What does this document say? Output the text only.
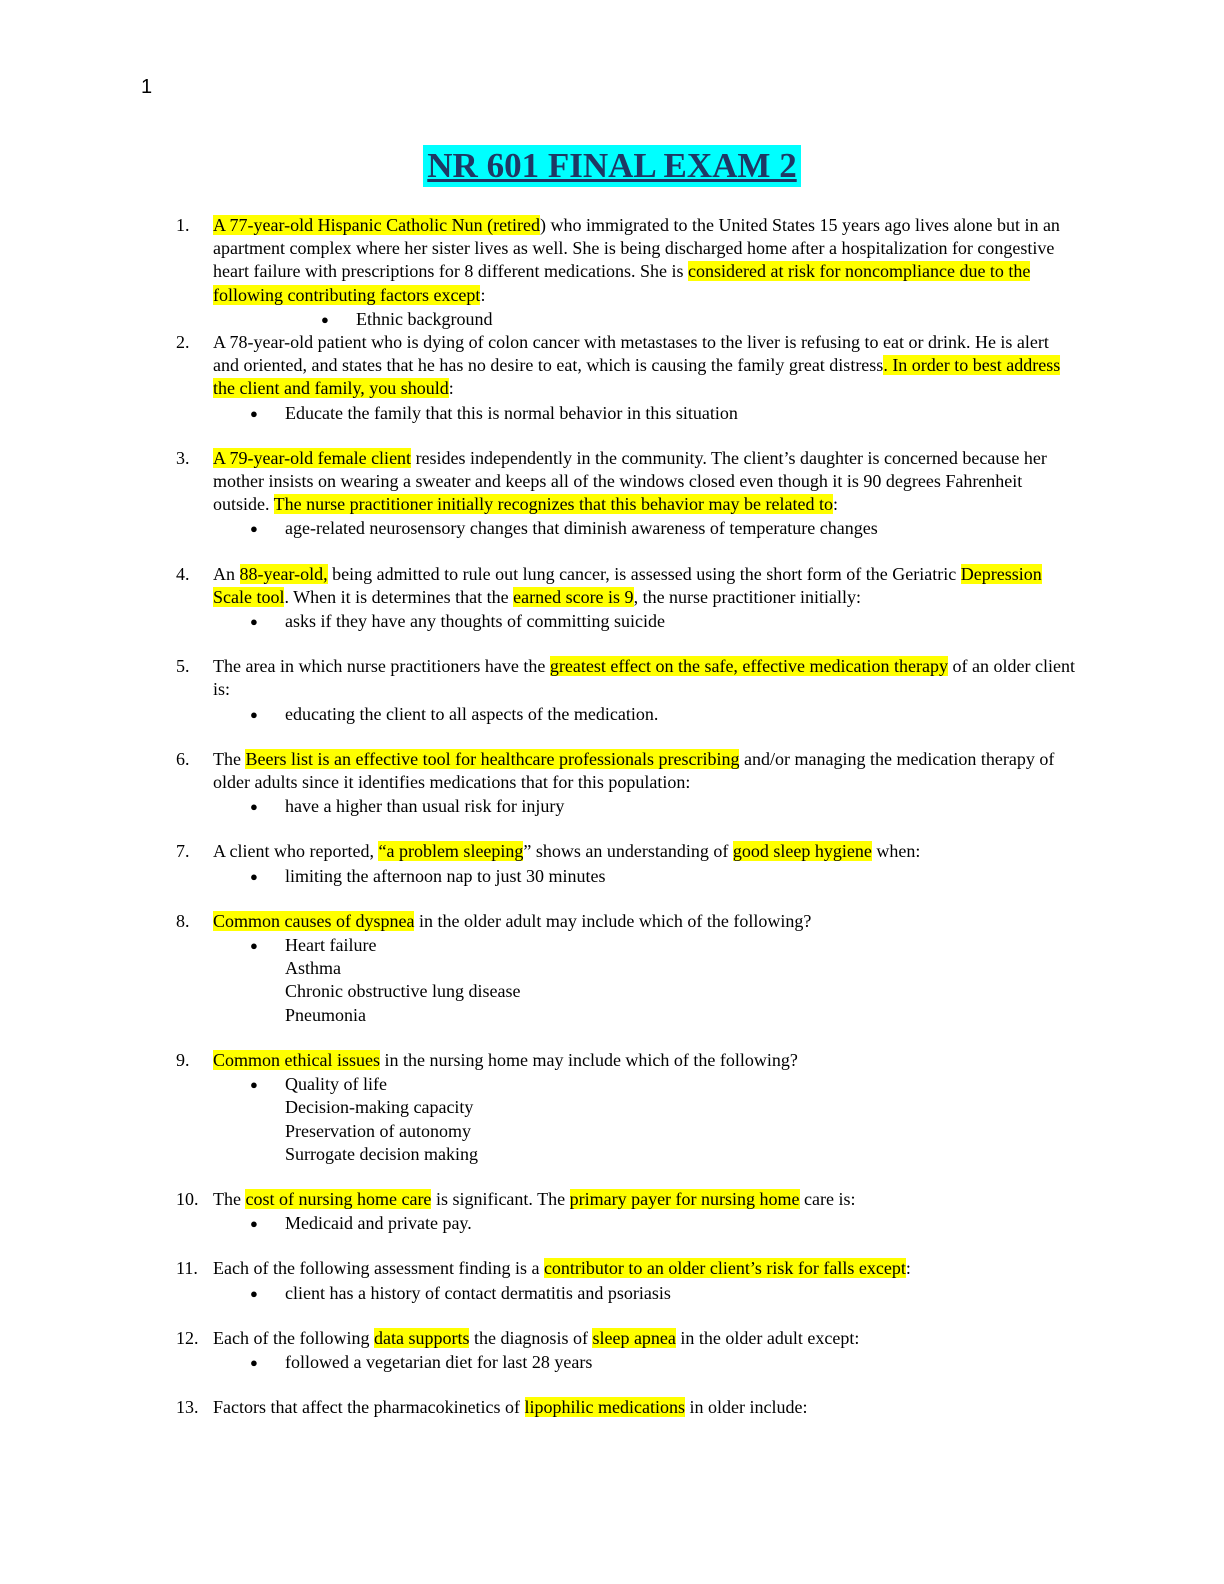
1
NR 601 FINAL EXAM 2
1. A 77-year-old Hispanic Catholic Nun (retired) who immigrated to the United States 15 years ago lives alone but in an apartment complex where her sister lives as well. She is being discharged home after a hospitalization for congestive heart failure with prescriptions for 8 different medications. She is considered at risk for noncompliance due to the following contributing factors except:
● Ethnic background
2. A 78-year-old patient who is dying of colon cancer with metastases to the liver is refusing to eat or drink. He is alert and oriented, and states that he has no desire to eat, which is causing the family great distress. In order to best address the client and family, you should:
● Educate the family that this is normal behavior in this situation
3. A 79-year-old female client resides independently in the community. The client’s daughter is concerned because her mother insists on wearing a sweater and keeps all of the windows closed even though it is 90 degrees Fahrenheit outside. The nurse practitioner initially recognizes that this behavior may be related to:
● age-related neurosensory changes that diminish awareness of temperature changes
4. An 88-year-old, being admitted to rule out lung cancer, is assessed using the short form of the Geriatric Depression Scale tool. When it is determines that the earned score is 9, the nurse practitioner initially:
● asks if they have any thoughts of committing suicide
5. The area in which nurse practitioners have the greatest effect on the safe, effective medication therapy of an older client is:
● educating the client to all aspects of the medication.
6. The Beers list is an effective tool for healthcare professionals prescribing and/or managing the medication therapy of older adults since it identifies medications that for this population:
● have a higher than usual risk for injury
7. A client who reported, “a problem sleeping” shows an understanding of good sleep hygiene when:
● limiting the afternoon nap to just 30 minutes
8. Common causes of dyspnea in the older adult may include which of the following?
● Heart failure
Asthma
Chronic obstructive lung disease
Pneumonia
9. Common ethical issues in the nursing home may include which of the following?
● Quality of life
Decision-making capacity
Preservation of autonomy
Surrogate decision making
10. The cost of nursing home care is significant. The primary payer for nursing home care is:
● Medicaid and private pay.
11. Each of the following assessment finding is a contributor to an older client’s risk for falls except:
● client has a history of contact dermatitis and psoriasis
12. Each of the following data supports the diagnosis of sleep apnea in the older adult except:
● followed a vegetarian diet for last 28 years
13. Factors that affect the pharmacokinetics of lipophilic medications in older include:
